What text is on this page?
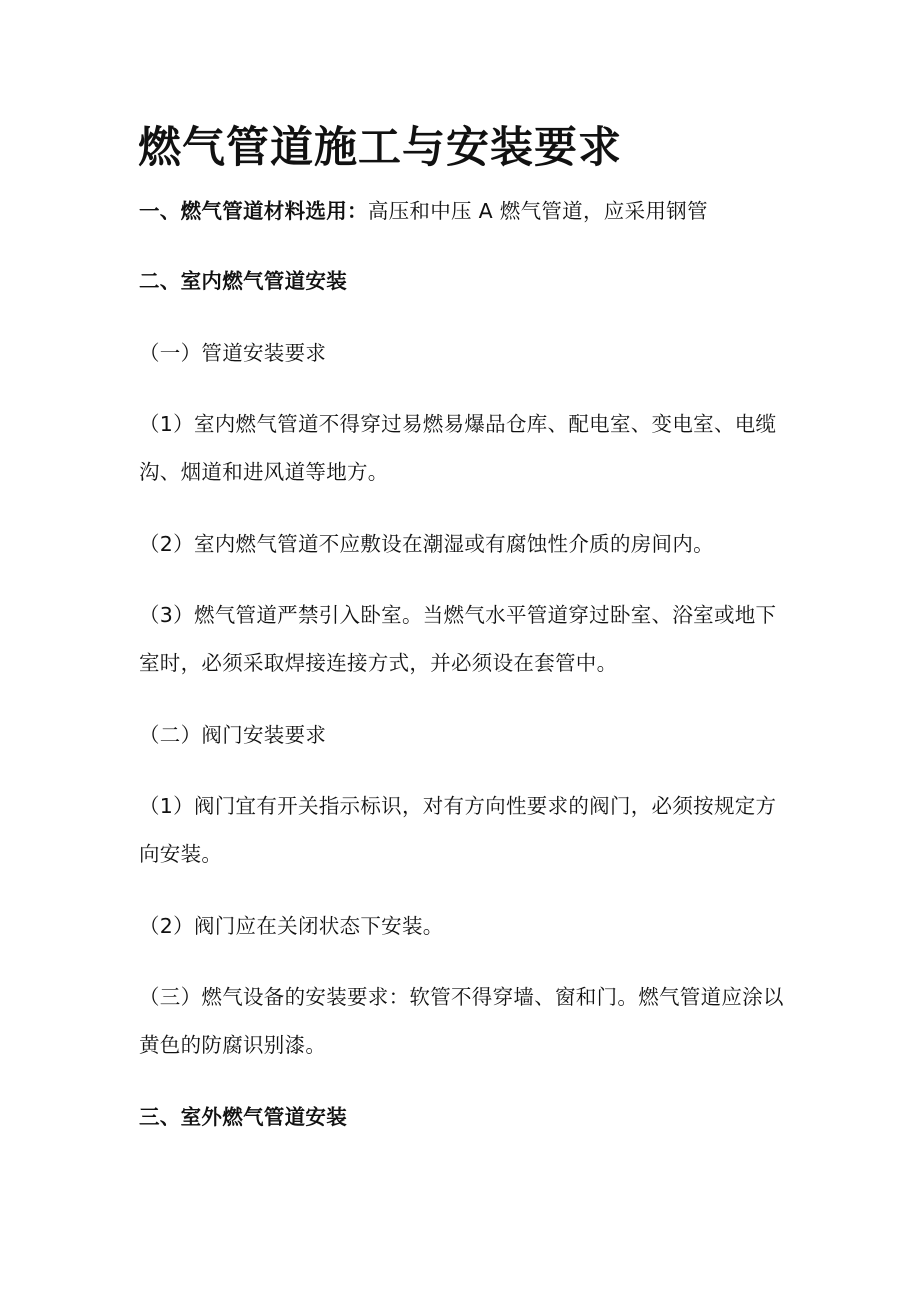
燃气管道施工与安装要求

一、燃气管道材料选用：高压和中压 A 燃气管道，应采用钢管

二、室内燃气管道安装

（一）管道安装要求

（1）室内燃气管道不得穿过易燃易爆品仓库、配电室、变电室、电缆

沟、烟道和进风道等地方。

（2）室内燃气管道不应敷设在潮湿或有腐蚀性介质的房间内。

（3）燃气管道严禁引入卧室。当燃气水平管道穿过卧室、浴室或地下

室时，必须采取焊接连接方式，并必须设在套管中。

（二）阀门安装要求

（1）阀门宜有开关指示标识，对有方向性要求的阀门，必须按规定方

向安装。

（2）阀门应在关闭状态下安装。

（三）燃气设备的安装要求：软管不得穿墙、窗和门。燃气管道应涂以

黄色的防腐识别漆。

三、室外燃气管道安装
